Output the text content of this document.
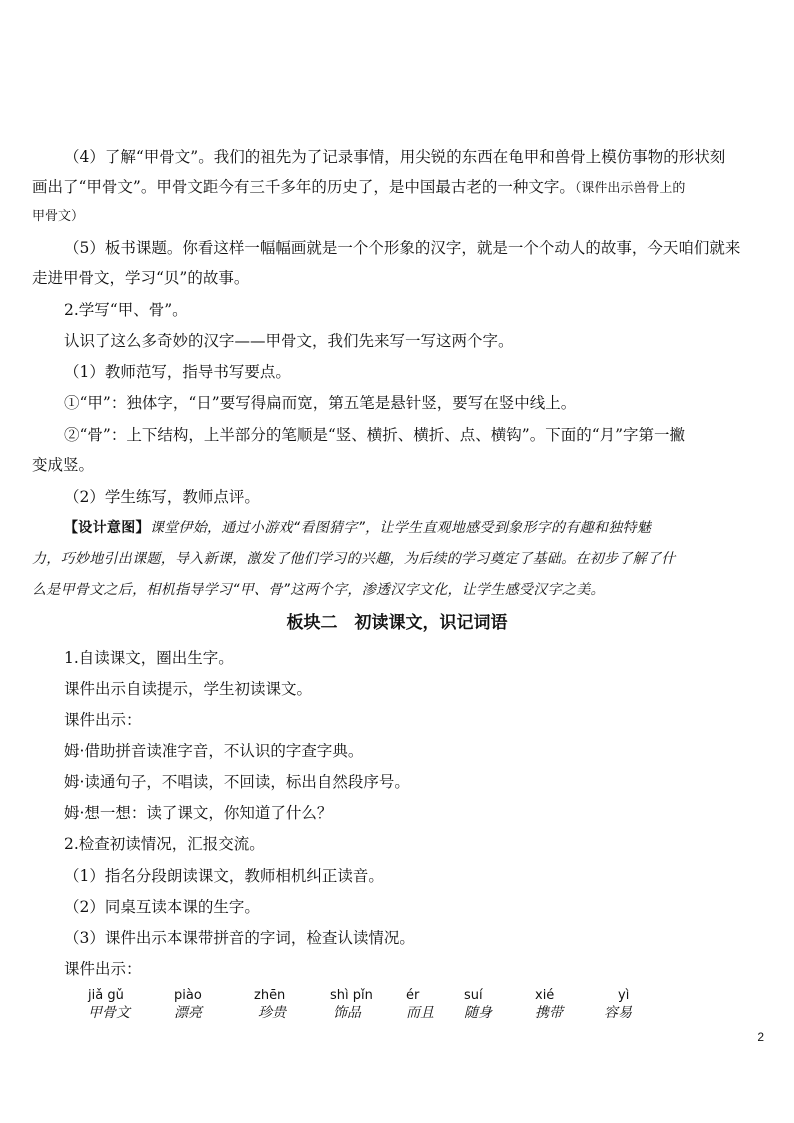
（4）了解“甲骨文”。我们的祖先为了记录事情，用尖锐的东西在龟甲和兽骨上模仿事物的形状刻
画出了“甲骨文”。甲骨文距今有三千多年的历史了，是中国最古老的一种文字。（课件出示兽骨上的
甲骨文）
（5）板书课题。你看这样一幅幅画就是一个个形象的汉字，就是一个个动人的故事，今天咱们就来
走进甲骨文，学习“贝”的故事。
2.学写“甲、骨”。
认识了这么多奇妙的汉字——甲骨文，我们先来写一写这两个字。
（1）教师范写，指导书写要点。
①“甲”：独体字，“日”要写得扁而宽，第五笔是悬针竖，要写在竖中线上。
②“骨”：上下结构，上半部分的笔顺是“竖、横折、横折、点、横钩”。下面的“月”字第一撇
变成竖。
（2）学生练写，教师点评。
【设计意图】课堂伊始，通过小游戏“看图猜字”，让学生直观地感受到象形字的有趣和独特魅
力，巧妙地引出课题，导入新课，激发了他们学习的兴趣，为后续的学习奠定了基础。在初步了解了什
么是甲骨文之后，相机指导学习“甲、骨”这两个字，渗透汉字文化，让学生感受汉字之美。
板块二　初读课文，识记词语
1.自读课文，圈出生字。
课件出示自读提示，学生初读课文。
课件出示：
姆·借助拼音读准字音，不认识的字查字典。
姆·读通句子，不唱读，不回读，标出自然段序号。
姆·想一想：读了课文，你知道了什么？
2.检查初读情况，汇报交流。
（1）指名分段朗读课文，教师相机纠正读音。
（2）同桌互读本课的生字。
（3）课件出示本课带拼音的字词，检查认读情况。
课件出示：
jiǎ gǔ
甲骨文
piào
漂亮
zhēn
珍贵
shì pǐn
饰品
ér
而且
suí
随身
xié
携带
yì
容易
2
